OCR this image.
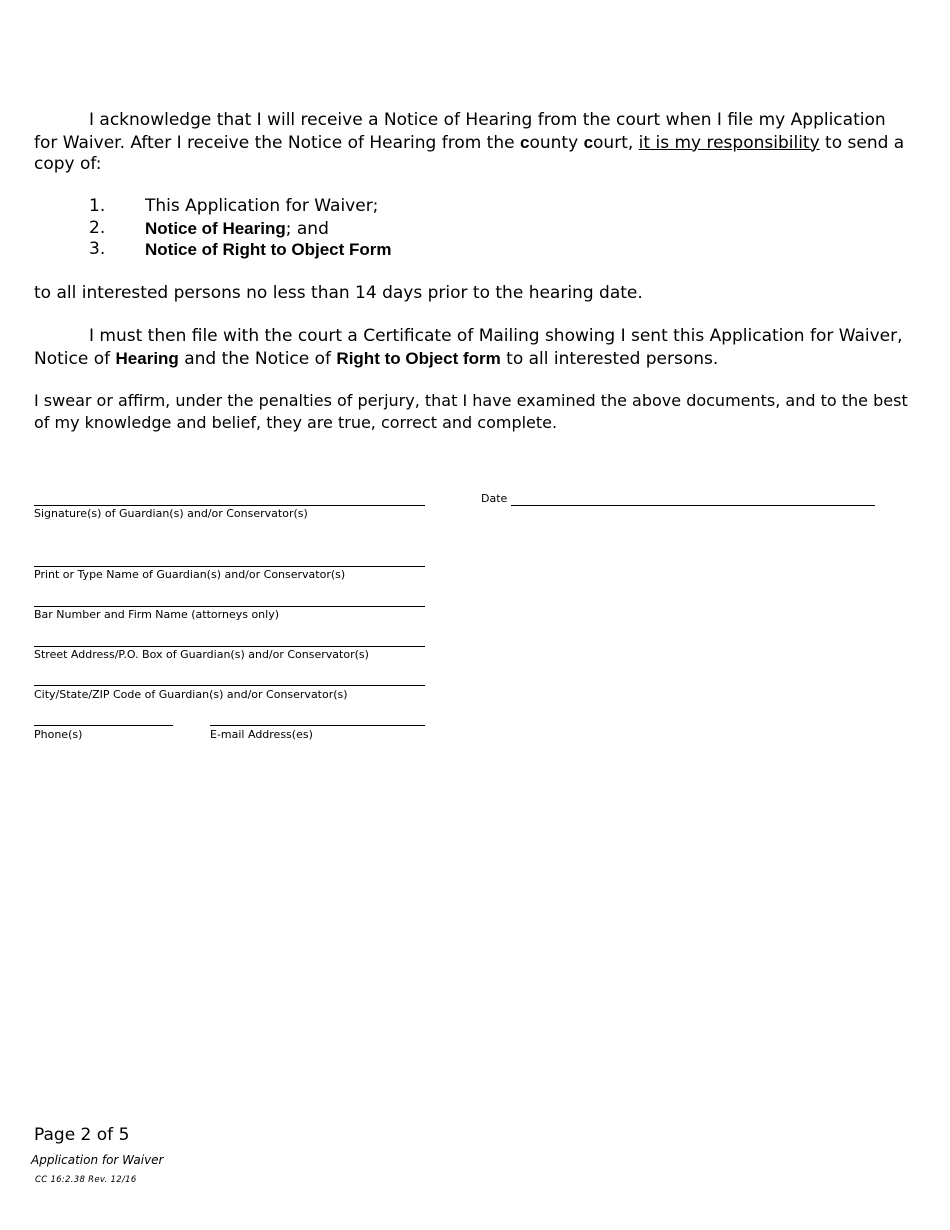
I acknowledge that I will receive a Notice of Hearing from the court when I file my Application for Waiver. After I receive the Notice of Hearing from the county court, it is my responsibility to send a copy of:
1.	This Application for Waiver;
2.	Notice of Hearing; and
3.	Notice of Right to Object Form
to all interested persons no less than 14 days prior to the hearing date.
I must then file with the court a Certificate of Mailing showing I sent this Application for Waiver, Notice of Hearing and the Notice of Right to Object form to all interested persons.
I swear or affirm, under the penalties of perjury, that I have examined the above documents, and to the best of my knowledge and belief, they are true, correct and complete.
Signature(s) of Guardian(s) and/or Conservator(s)
Date
Print or Type Name of Guardian(s) and/or Conservator(s)
Bar Number and Firm Name (attorneys only)
Street Address/P.O. Box of Guardian(s) and/or Conservator(s)
City/State/ZIP Code of Guardian(s) and/or Conservator(s)
Phone(s)	E-mail Address(es)
Page 2 of 5
Application for Waiver
CC 16:2.38 Rev. 12/16
